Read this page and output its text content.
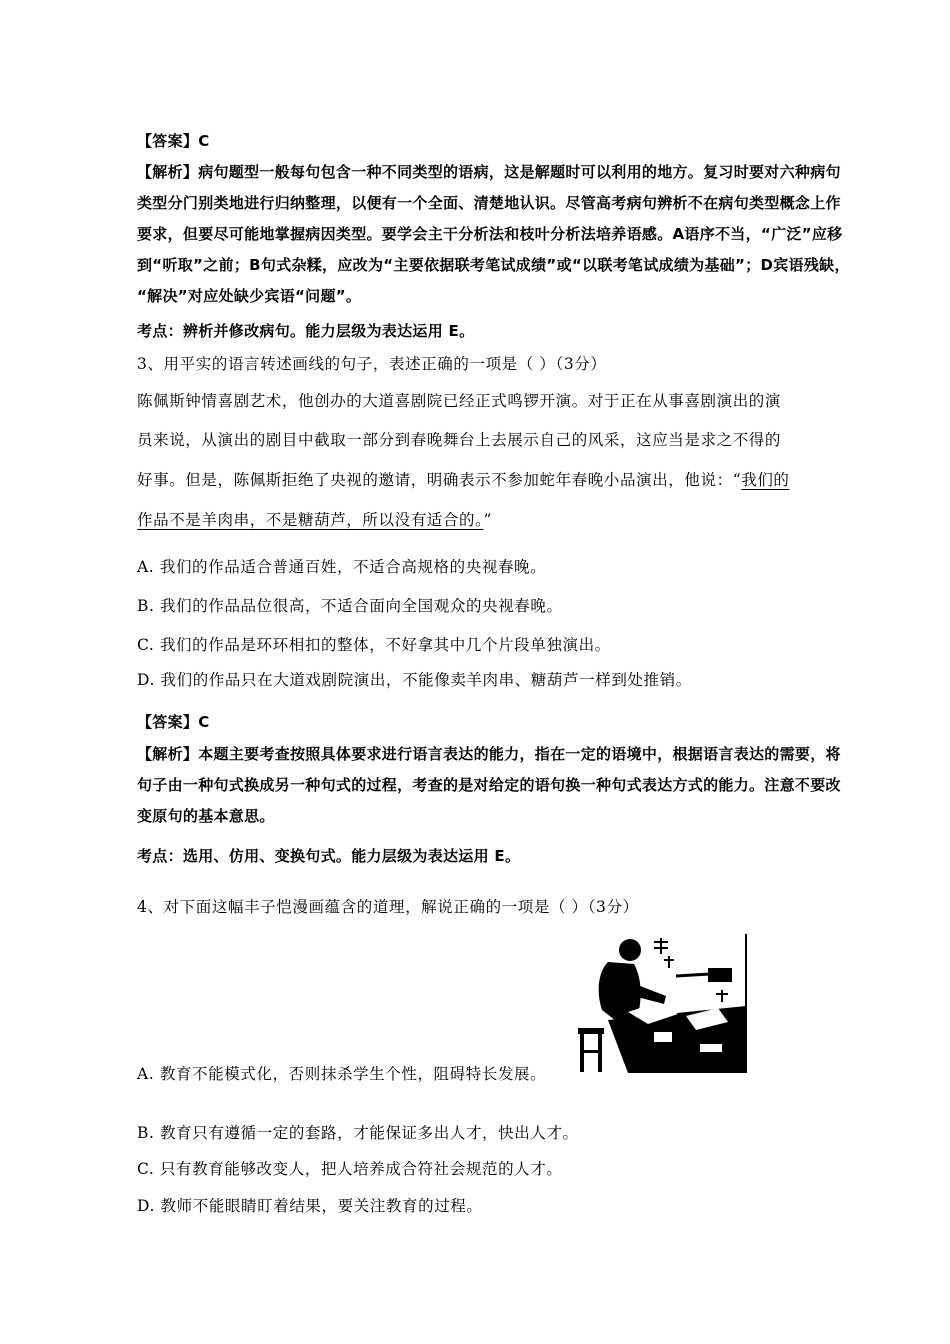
【答案】C
【解析】病句题型一般每句包含一种不同类型的语病，这是解题时可以利用的地方。复习时要对六种病句
类型分门别类地进行归纳整理，以便有一个全面、清楚地认识。尽管高考病句辨析不在病句类型概念上作
要求，但要尽可能地掌握病因类型。要学会主干分析法和枝叶分析法培养语感。A语序不当，“广泛”应移
到“听取”之前；B句式杂糅，应改为“主要依据联考笔试成绩”或“以联考笔试成绩为基础”；D宾语残缺，
“解决”对应处缺少宾语“问题”。
考点：辨析并修改病句。能力层级为表达运用 E。
3、用平实的语言转述画线的句子，表述正确的一项是（ ）（3分）
陈佩斯钟情喜剧艺术，他创办的大道喜剧院已经正式鸣锣开演。对于正在从事喜剧演出的演
员来说，从演出的剧目中截取一部分到春晚舞台上去展示自己的风采，这应当是求之不得的
好事。但是，陈佩斯拒绝了央视的邀请，明确表示不参加蛇年春晚小品演出，他说：“我们的
作品不是羊肉串，不是糖葫芦，所以没有适合的。”
A. 我们的作品适合普通百姓，不适合高规格的央视春晚。
B. 我们的作品品位很高，不适合面向全国观众的央视春晚。
C. 我们的作品是环环相扣的整体，不好拿其中几个片段单独演出。
D. 我们的作品只在大道戏剧院演出，不能像卖羊肉串、糖葫芦一样到处推销。
【答案】C
【解析】本题主要考查按照具体要求进行语言表达的能力，指在一定的语境中，根据语言表达的需要，将
句子由一种句式换成另一种句式的过程，考查的是对给定的语句换一种句式表达方式的能力。注意不要改
变原句的基本意思。
考点：选用、仿用、变换句式。能力层级为表达运用 E。
4、对下面这幅丰子恺漫画蕴含的道理，解说正确的一项是（ ）（3分）
A. 教育不能模式化，否则抹杀学生个性，阻碍特长发展。
B. 教育只有遵循一定的套路，才能保证多出人才，快出人才。
C. 只有教育能够改变人，把人培养成合符社会规范的人才。
D. 教师不能眼睛盯着结果，要关注教育的过程。
